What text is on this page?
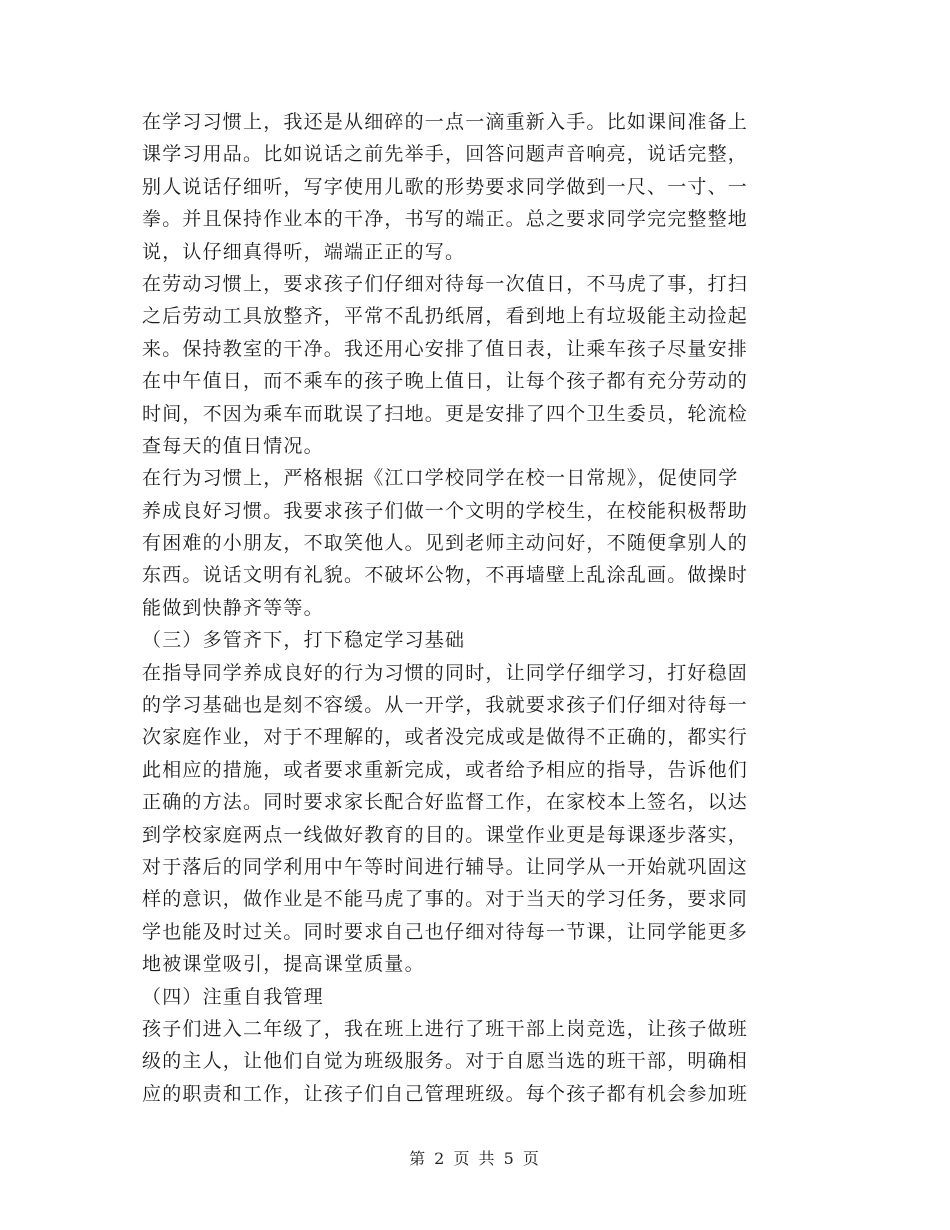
在学习习惯上，我还是从细碎的一点一滴重新入手。比如课间准备上
课学习用品。比如说话之前先举手，回答问题声音响亮，说话完整，
别人说话仔细听，写字使用儿歌的形势要求同学做到一尺、一寸、一
拳。并且保持作业本的干净，书写的端正。总之要求同学完完整整地
说，认仔细真得听，端端正正的写。
在劳动习惯上，要求孩子们仔细对待每一次值日，不马虎了事，打扫
之后劳动工具放整齐，平常不乱扔纸屑，看到地上有垃圾能主动捡起
来。保持教室的干净。我还用心安排了值日表，让乘车孩子尽量安排
在中午值日，而不乘车的孩子晚上值日，让每个孩子都有充分劳动的
时间，不因为乘车而耽误了扫地。更是安排了四个卫生委员，轮流检
查每天的值日情况。
在行为习惯上，严格根据《江口学校同学在校一日常规》，促使同学
养成良好习惯。我要求孩子们做一个文明的学校生，在校能积极帮助
有困难的小朋友，不取笑他人。见到老师主动问好，不随便拿别人的
东西。说话文明有礼貌。不破坏公物，不再墙壁上乱涂乱画。做操时
能做到快静齐等等。
（三）多管齐下，打下稳定学习基础
在指导同学养成良好的行为习惯的同时，让同学仔细学习，打好稳固
的学习基础也是刻不容缓。从一开学，我就要求孩子们仔细对待每一
次家庭作业，对于不理解的，或者没完成或是做得不正确的，都实行
此相应的措施，或者要求重新完成，或者给予相应的指导，告诉他们
正确的方法。同时要求家长配合好监督工作，在家校本上签名，以达
到学校家庭两点一线做好教育的目的。课堂作业更是每课逐步落实，
对于落后的同学利用中午等时间进行辅导。让同学从一开始就巩固这
样的意识，做作业是不能马虎了事的。对于当天的学习任务，要求同
学也能及时过关。同时要求自己也仔细对待每一节课，让同学能更多
地被课堂吸引，提高课堂质量。
（四）注重自我管理
孩子们进入二年级了，我在班上进行了班干部上岗竞选，让孩子做班
级的主人，让他们自觉为班级服务。对于自愿当选的班干部，明确相
应的职责和工作，让孩子们自己管理班级。每个孩子都有机会参加班
第 2 页 共 5 页
